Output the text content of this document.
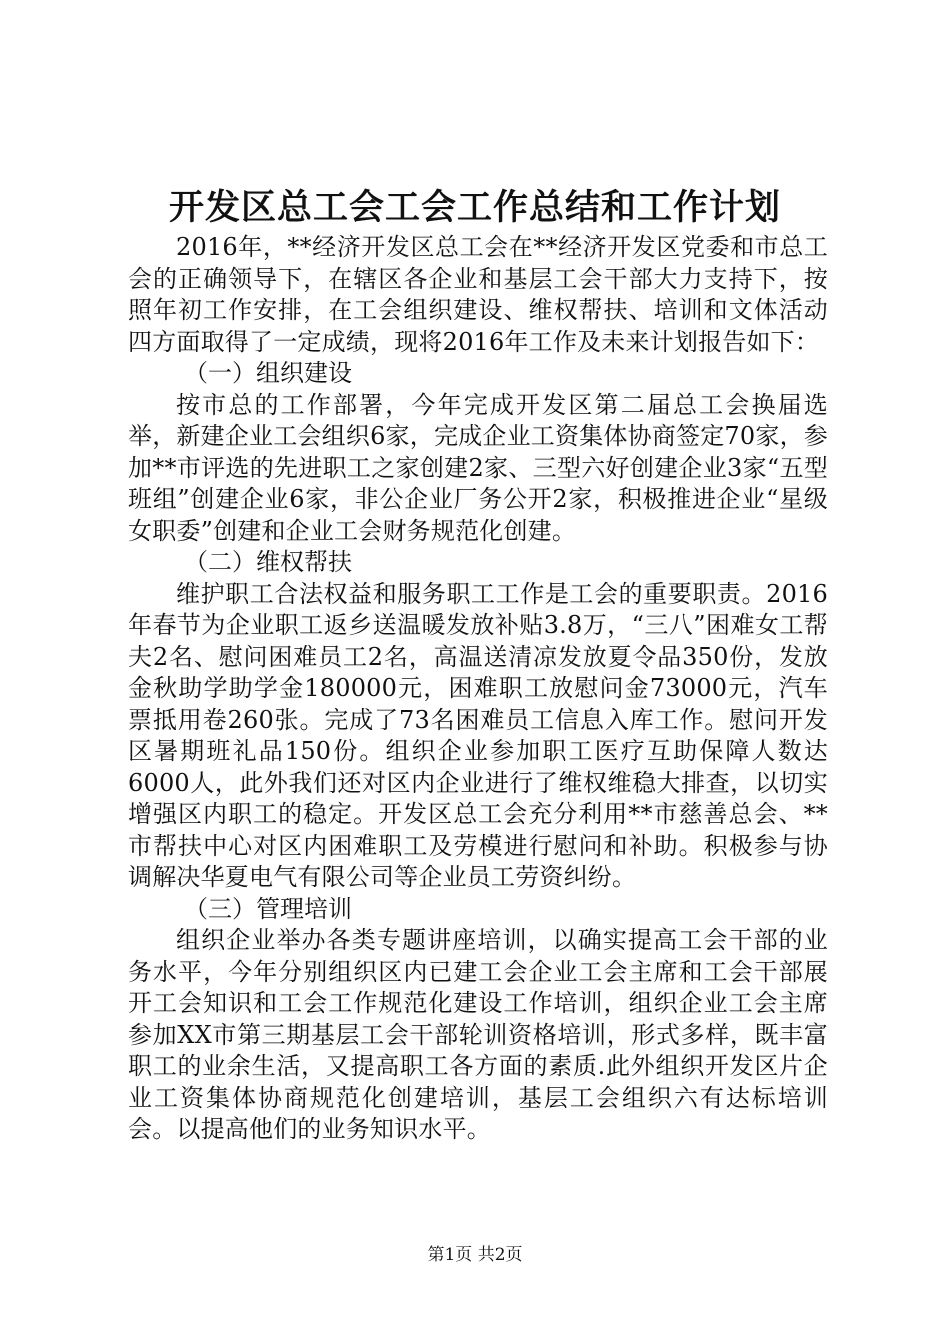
开发区总工会工会工作总结和工作计划

2016年，**经济开发区总工会在**经济开发区党委和市总工会的正确领导下，在辖区各企业和基层工会干部大力支持下，按照年初工作安排，在工会组织建设、维权帮扶、培训和文体活动四方面取得了一定成绩，现将2016年工作及未来计划报告如下：

（一）组织建设

按市总的工作部署，今年完成开发区第二届总工会换届选举，新建企业工会组织6家，完成企业工资集体协商签定70家，参加**市评选的先进职工之家创建2家、三型六好创建企业3家“五型班组”创建企业6家，非公企业厂务公开2家，积极推进企业“星级女职委”创建和企业工会财务规范化创建。

（二）维权帮扶

维护职工合法权益和服务职工工作是工会的重要职责。2016年春节为企业职工返乡送温暖发放补贴3.8万，“三八”困难女工帮夫2名、慰问困难员工2名，高温送清凉发放夏令品350份，发放金秋助学助学金180000元，困难职工放慰问金73000元，汽车票抵用卷260张。完成了73名困难员工信息入库工作。慰问开发区暑期班礼品150份。组织企业参加职工医疗互助保障人数达6000人，此外我们还对区内企业进行了维权维稳大排查，以切实增强区内职工的稳定。开发区总工会充分利用**市慈善总会、**市帮扶中心对区内困难职工及劳模进行慰问和补助。积极参与协调解决华夏电气有限公司等企业员工劳资纠纷。

（三）管理培训

组织企业举办各类专题讲座培训，以确实提高工会干部的业务水平，今年分别组织区内已建工会企业工会主席和工会干部展开工会知识和工会工作规范化建设工作培训，组织企业工会主席参加XX市第三期基层工会干部轮训资格培训，形式多样，既丰富职工的业余生活，又提高职工各方面的素质.此外组织开发区片企业工资集体协商规范化创建培训，基层工会组织六有达标培训会。以提高他们的业务知识水平。

第1页 共2页
